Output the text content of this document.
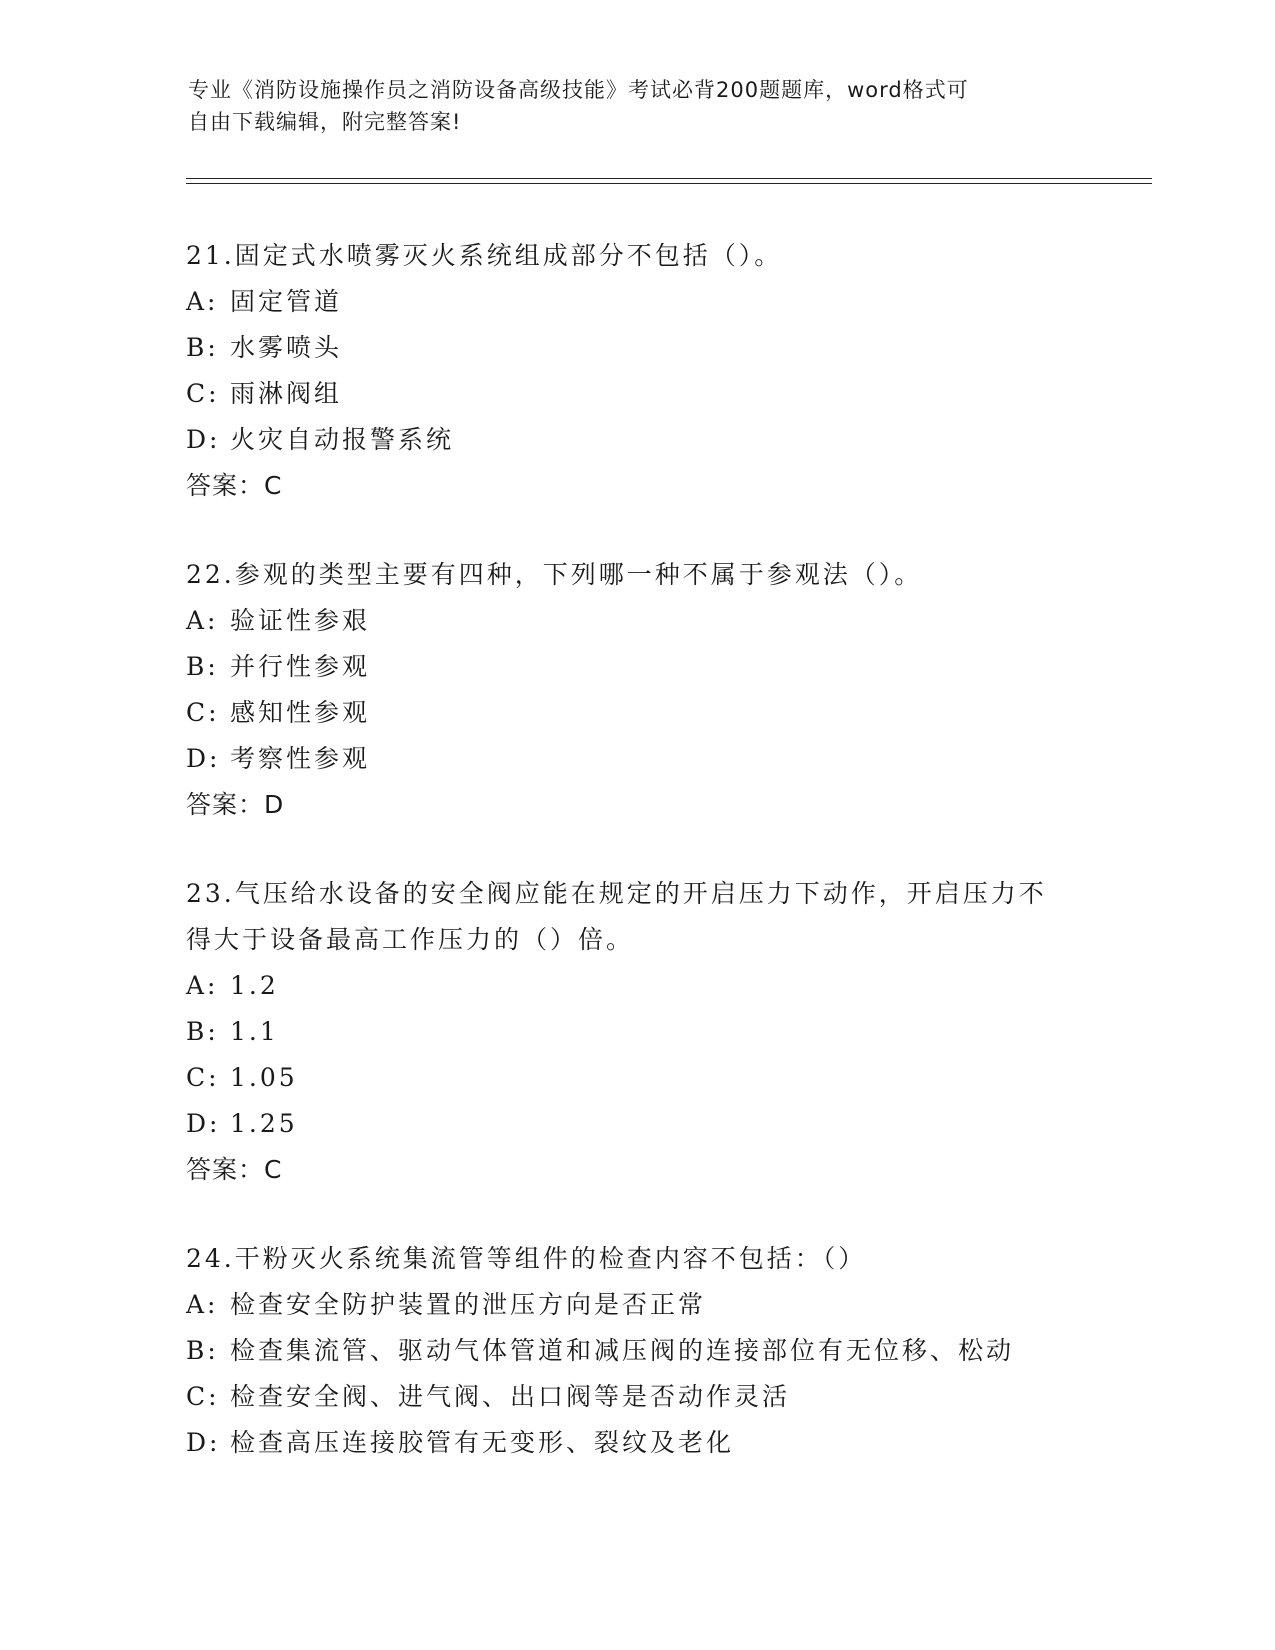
专业《消防设施操作员之消防设备高级技能》考试必背200题题库，word格式可
自由下载编辑，附完整答案!
21.固定式水喷雾灭火系统组成部分不包括（）。
A: 固定管道
B: 水雾喷头
C: 雨淋阀组
D: 火灾自动报警系统
答案：C
22.参观的类型主要有四种，下列哪一种不属于参观法（）。
A: 验证性参艰
B: 并行性参观
C: 感知性参观
D: 考察性参观
答案：D
23.气压给水设备的安全阀应能在规定的开启压力下动作，开启压力不
得大于设备最高工作压力的（）倍。
A: 1.2
B: 1.1
C: 1.05
D: 1.25
答案：C
24.干粉灭火系统集流管等组件的检查内容不包括：（）
A: 检查安全防护装置的泄压方向是否正常
B: 检查集流管、驱动气体管道和减压阀的连接部位有无位移、松动
C: 检查安全阀、进气阀、出口阀等是否动作灵活
D: 检查高压连接胶管有无变形、裂纹及老化
